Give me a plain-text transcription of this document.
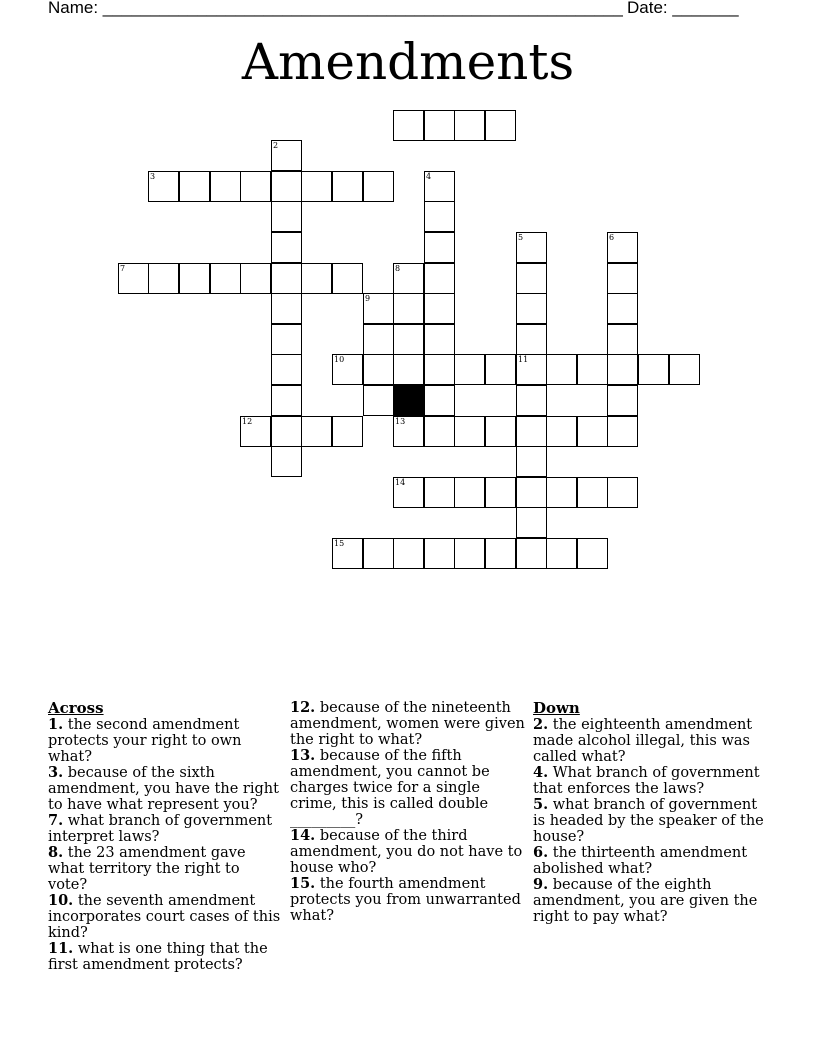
Name: _______________________________________________________ Date: _______
Amendments
2
3	4
5	6
7	8
9
10	11
12	13
14
15
Across
1. the second amendment protects your right to own what?
3. because of the sixth amendment, you have the right to have what represent you?
7. what branch of government interpret laws?
8. the 23 amendment gave what territory the right to vote?
10. the seventh amendment incorporates court cases of this kind?
11. what is one thing that the first amendment protects?
12. because of the nineteenth amendment, women were given the right to what?
13. because of the fifth amendment, you cannot be charges twice for a single crime, this is called double _________?
14. because of the third amendment, you do not have to house who?
15. the fourth amendment protects you from unwarranted what?
Down
2. the eighteenth amendment made alcohol illegal, this was called what?
4. What branch of government that enforces the laws?
5. what branch of government is headed by the speaker of the house?
6. the thirteenth amendment abolished what?
9. because of the eighth amendment, you are given the right to pay what?
